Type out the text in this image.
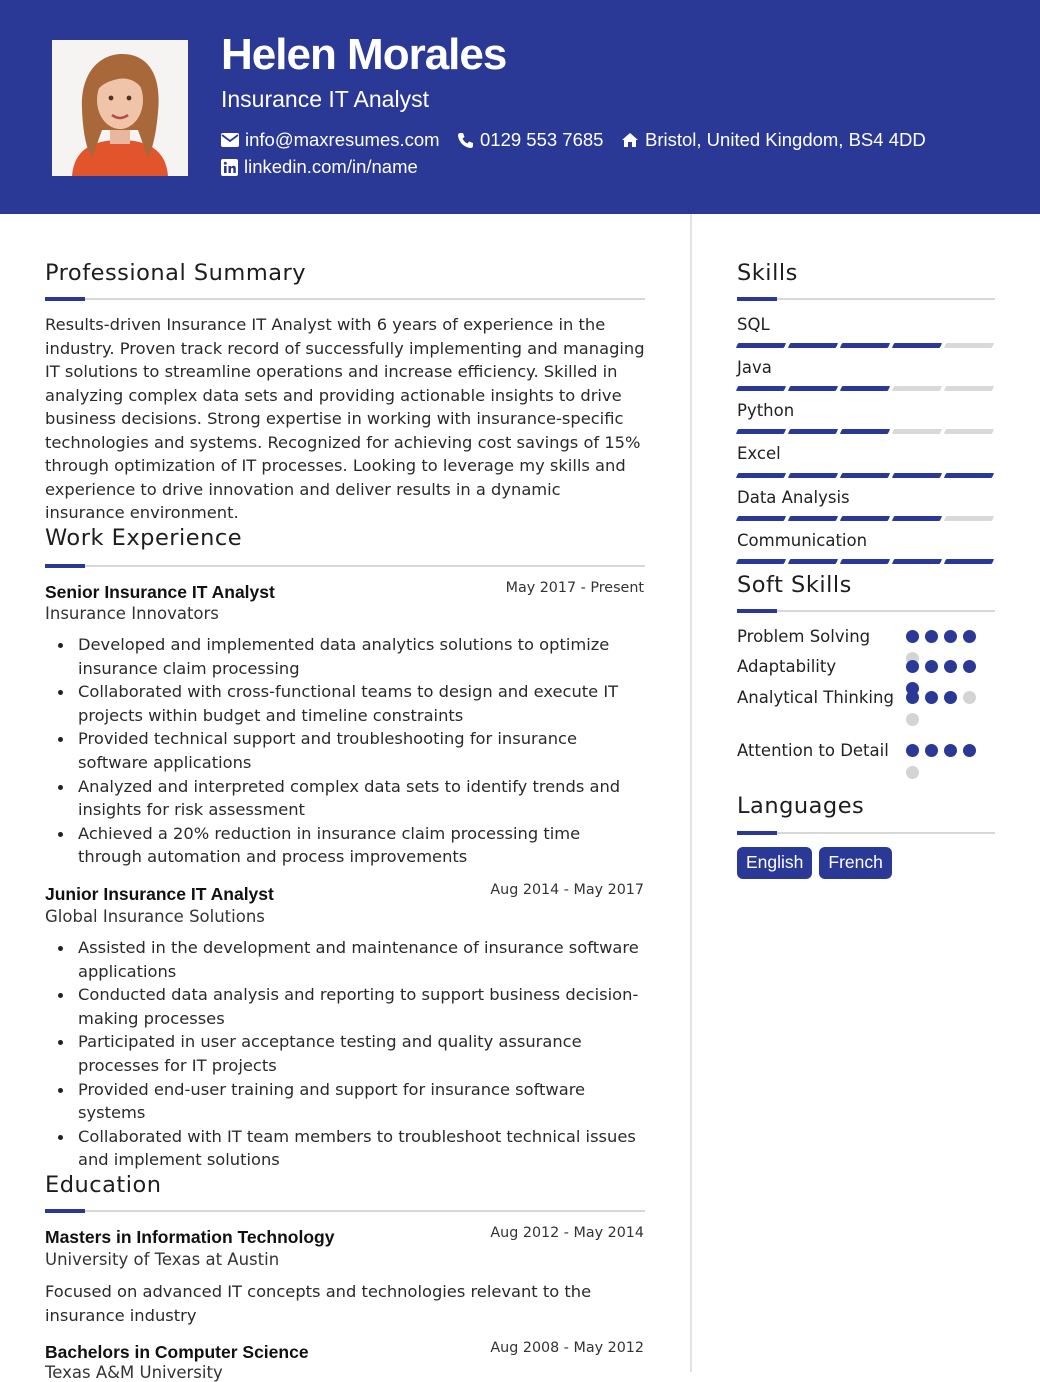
Helen Morales
Insurance IT Analyst
info@maxresumes.com 0129 553 7685 Bristol, United Kingdom, BS4 4DD
linkedin.com/in/name
Professional Summary
Results-driven Insurance IT Analyst with 6 years of experience in the industry. Proven track record of successfully implementing and managing IT solutions to streamline operations and increase efficiency. Skilled in analyzing complex data sets and providing actionable insights to drive business decisions. Strong expertise in working with insurance-specific technologies and systems. Recognized for achieving cost savings of 15% through optimization of IT processes. Looking to leverage my skills and experience to drive innovation and deliver results in a dynamic insurance environment.
Work Experience
Senior Insurance IT Analyst	May 2017 - Present
Insurance Innovators
Developed and implemented data analytics solutions to optimize insurance claim processing
Collaborated with cross-functional teams to design and execute IT projects within budget and timeline constraints
Provided technical support and troubleshooting for insurance software applications
Analyzed and interpreted complex data sets to identify trends and insights for risk assessment
Achieved a 20% reduction in insurance claim processing time through automation and process improvements
Junior Insurance IT Analyst	Aug 2014 - May 2017
Global Insurance Solutions
Assisted in the development and maintenance of insurance software applications
Conducted data analysis and reporting to support business decision-making processes
Participated in user acceptance testing and quality assurance processes for IT projects
Provided end-user training and support for insurance software systems
Collaborated with IT team members to troubleshoot technical issues and implement solutions
Education
Masters in Information Technology	Aug 2012 - May 2014
University of Texas at Austin
Focused on advanced IT concepts and technologies relevant to the insurance industry
Bachelors in Computer Science	Aug 2008 - May 2012
Texas A&M University
Skills
SQL
Java
Python
Excel
Data Analysis
Communication
Soft Skills
Problem Solving
Adaptability
Analytical Thinking
Attention to Detail
Languages
English	French
